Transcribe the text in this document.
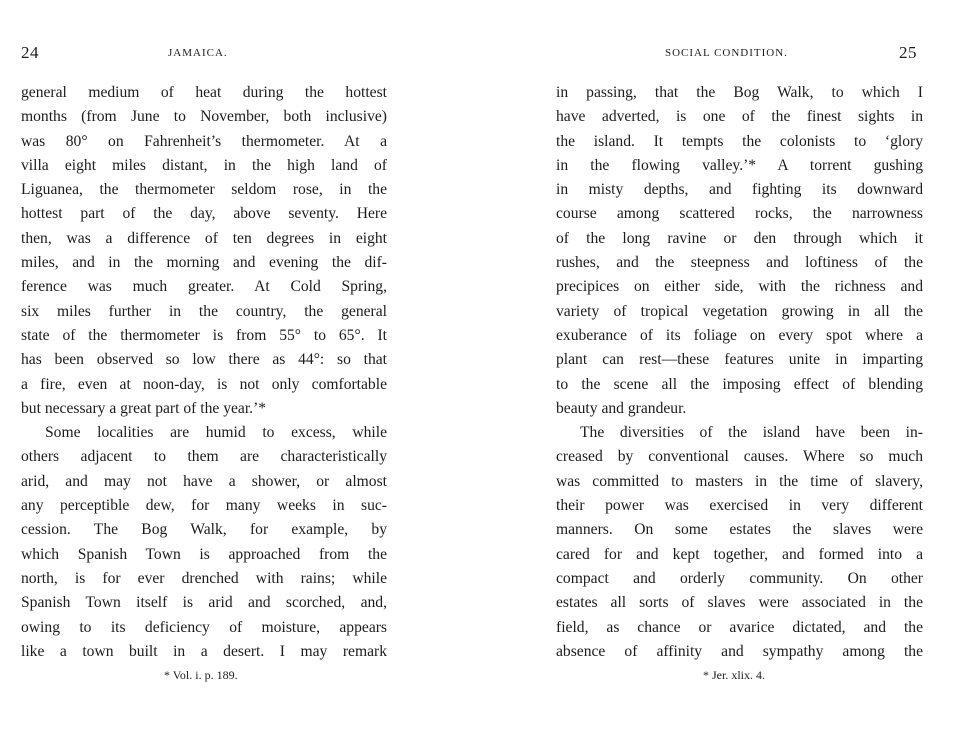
24	JAMAICA.
general medium of heat during the hottest
months (from June to November, both inclusive)
was 80° on Fahrenheit’s thermometer. At a
villa eight miles distant, in the high land of
Liguanea, the thermometer seldom rose, in the
hottest part of the day, above seventy. Here
then, was a difference of ten degrees in eight
miles, and in the morning and evening the dif-
ference was much greater. At Cold Spring,
six miles further in the country, the general
state of the thermometer is from 55° to 65°. It
has been observed so low there as 44°: so that
a fire, even at noon-day, is not only comfortable
but necessary a great part of the year.’*
Some localities are humid to excess, while
others adjacent to them are characteristically
arid, and may not have a shower, or almost
any perceptible dew, for many weeks in suc-
cession. The Bog Walk, for example, by
which Spanish Town is approached from the
north, is for ever drenched with rains; while
Spanish Town itself is arid and scorched, and,
owing to its deficiency of moisture, appears
like a town built in a desert. I may remark
* Vol. i. p. 189.
SOCIAL CONDITION.	25
in passing, that the Bog Walk, to which I
have adverted, is one of the finest sights in
the island. It tempts the colonists to ‘glory
in the flowing valley.’* A torrent gushing
in misty depths, and fighting its downward
course among scattered rocks, the narrowness
of the long ravine or den through which it
rushes, and the steepness and loftiness of the
precipices on either side, with the richness and
variety of tropical vegetation growing in all the
exuberance of its foliage on every spot where a
plant can rest—these features unite in imparting
to the scene all the imposing effect of blending
beauty and grandeur.
The diversities of the island have been in-
creased by conventional causes. Where so much
was committed to masters in the time of slavery,
their power was exercised in very different
manners. On some estates the slaves were
cared for and kept together, and formed into a
compact and orderly community. On other
estates all sorts of slaves were associated in the
field, as chance or avarice dictated, and the
absence of affinity and sympathy among the
* Jer. xlix. 4.
